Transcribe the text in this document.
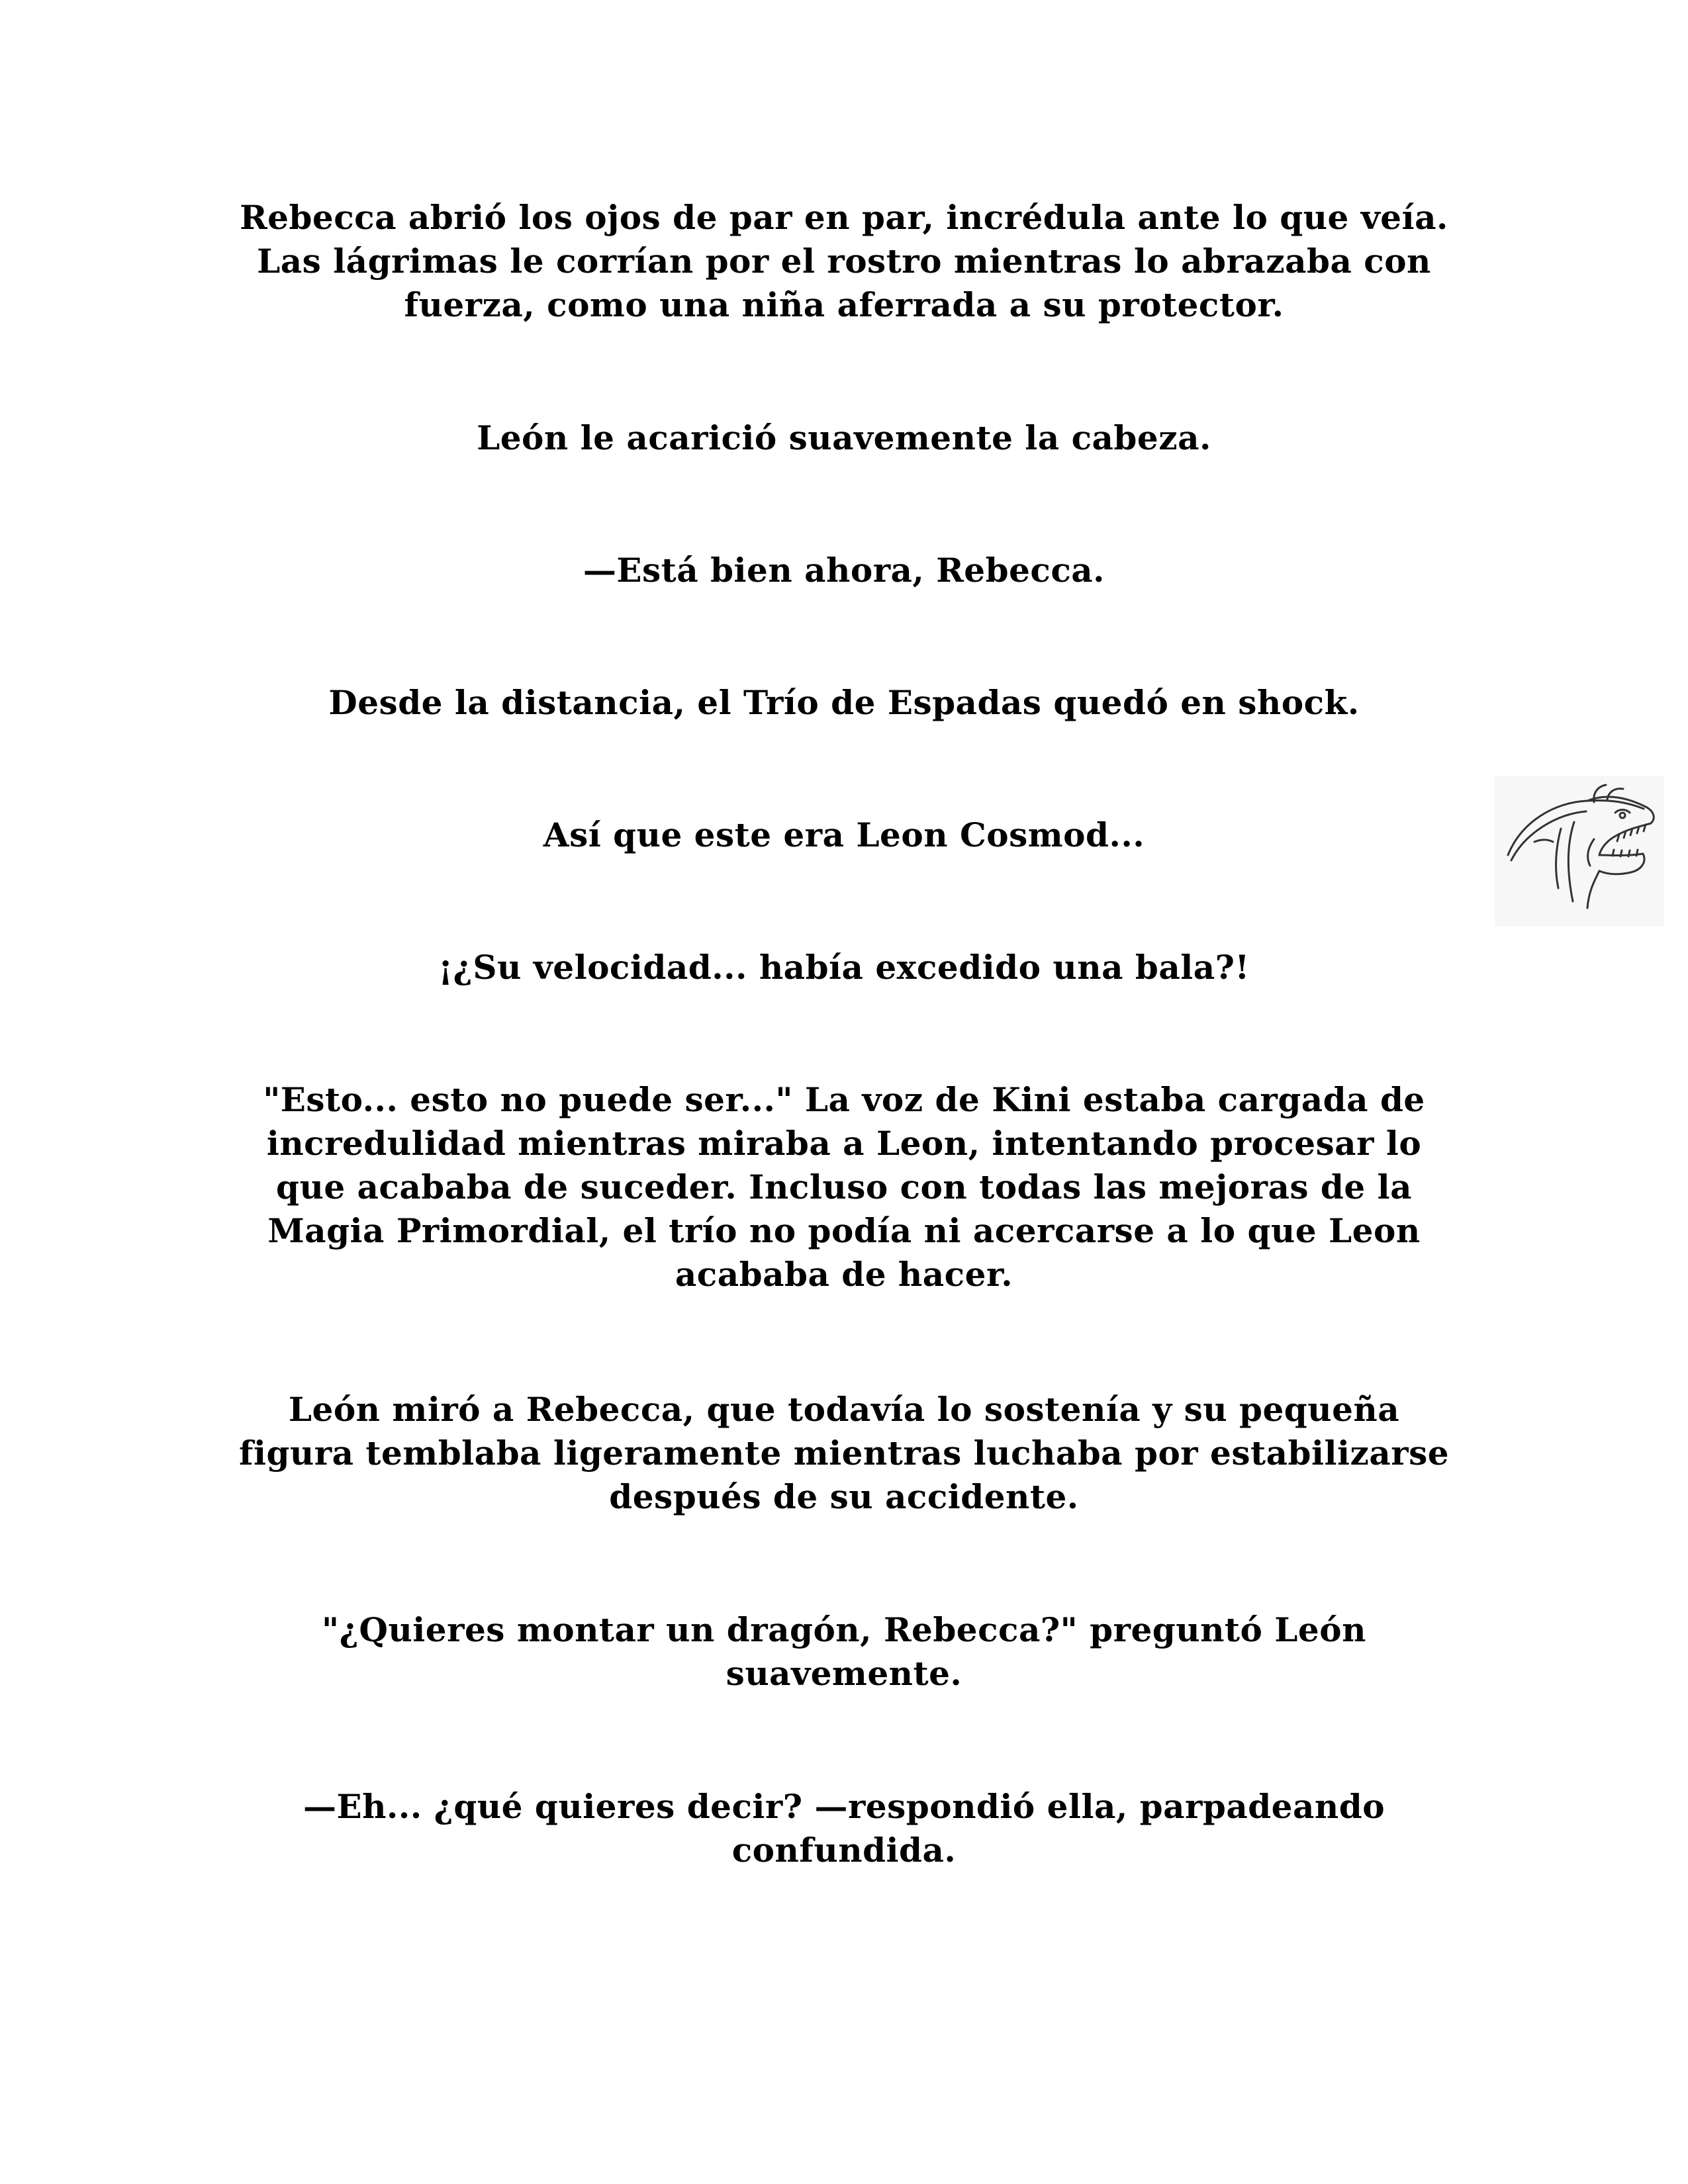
Rebecca abrió los ojos de par en par, incrédula ante lo que veía. Las lágrimas le corrían por el rostro mientras lo abrazaba con fuerza, como una niña aferrada a su protector.

León le acarició suavemente la cabeza.

—Está bien ahora, Rebecca.

Desde la distancia, el Trío de Espadas quedó en shock.

Así que este era Leon Cosmod...

¡¿Su velocidad... había excedido una bala?!

"Esto... esto no puede ser..." La voz de Kini estaba cargada de incredulidad mientras miraba a Leon, intentando procesar lo que acababa de suceder. Incluso con todas las mejoras de la Magia Primordial, el trío no podía ni acercarse a lo que Leon acababa de hacer.

León miró a Rebecca, que todavía lo sostenía y su pequeña figura temblaba ligeramente mientras luchaba por estabilizarse después de su accidente.

"¿Quieres montar un dragón, Rebecca?" preguntó León suavemente.

—Eh... ¿qué quieres decir? —respondió ella, parpadeando confundida.
